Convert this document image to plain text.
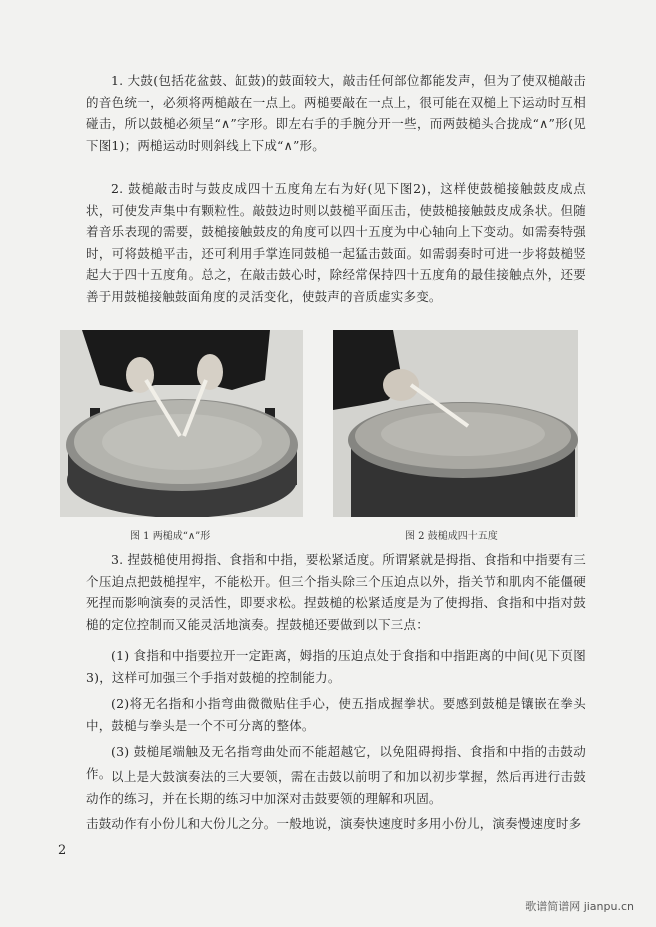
1. 大鼓(包括花盆鼓、缸鼓)的鼓面较大，敲击任何部位都能发声，但为了使双槌敲击的音色统一，必须将两槌敲在一点上。两槌要敲在一点上，很可能在双槌上下运动时互相碰击，所以鼓槌必须呈“∧”字形。即左右手的手腕分开一些，而两鼓槌头合拢成“∧”形(见下图1)；两槌运动时则斜线上下成“∧”形。

2. 鼓槌敲击时与鼓皮成四十五度角左右为好(见下图2)，这样使鼓槌接触鼓皮成点状，可使发声集中有颗粒性。敲鼓边时则以鼓槌平面压击，使鼓槌接触鼓皮成条状。但随着音乐表现的需要，鼓槌接触鼓皮的角度可以四十五度为中心轴向上下变动。如需奏特强时，可将鼓槌平击，还可利用手掌连同鼓槌一起猛击鼓面。如需弱奏时可进一步将鼓槌竖起大于四十五度角。总之，在敲击鼓心时，除经常保持四十五度角的最佳接触点外，还要善于用鼓槌接触鼓面角度的灵活变化，使鼓声的音质虚实多变。

图 1 两槌成“∧”形	图 2 鼓槌成四十五度

3. 捏鼓槌使用拇指、食指和中指，要松紧适度。所谓紧就是拇指、食指和中指要有三个压迫点把鼓槌捏牢，不能松开。但三个指头除三个压迫点以外，指关节和肌肉不能僵硬死捏而影响演奏的灵活性，即要求松。捏鼓槌的松紧适度是为了使拇指、食指和中指对鼓槌的定位控制而又能灵活地演奏。捏鼓槌还要做到以下三点：

(1) 食指和中指要拉开一定距离，姆指的压迫点处于食指和中指距离的中间(见下页图3)，这样可加强三个手指对鼓槌的控制能力。

(2)将无名指和小指弯曲微微贴住手心，使五指成握拳状。要感到鼓槌是镶嵌在拳头中，鼓槌与拳头是一个不可分离的整体。

(3) 鼓槌尾端触及无名指弯曲处而不能超越它，以免阻碍拇指、食指和中指的击鼓动作。 以上是大鼓演奏法的三大要领，需在击鼓以前明了和加以初步掌握，然后再进行击鼓动作的练习，并在长期的练习中加深对击鼓要领的理解和巩固。

击鼓动作有小份儿和大份儿之分。一般地说，演奏快速度时多用小份儿，演奏慢速度时多

2
歌谱简谱网 jianpu.cn
